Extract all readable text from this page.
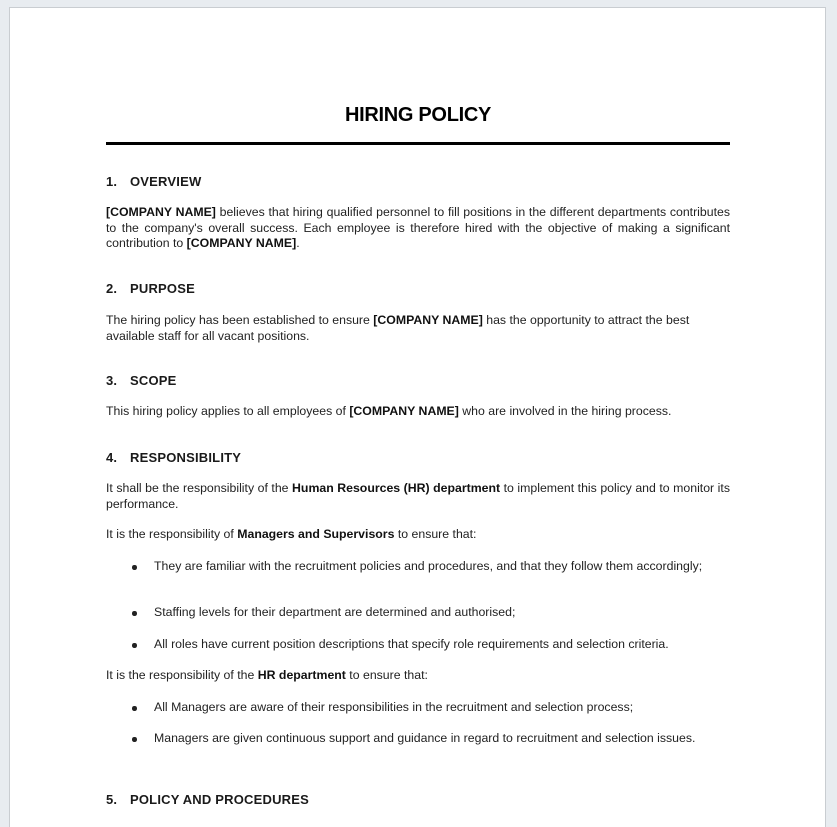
HIRING POLICY
1. OVERVIEW
[COMPANY NAME] believes that hiring qualified personnel to fill positions in the different departments contributes to the company's overall success. Each employee is therefore hired with the objective of making a significant contribution to [COMPANY NAME].
2. PURPOSE
The hiring policy has been established to ensure [COMPANY NAME] has the opportunity to attract the best available staff for all vacant positions.
3. SCOPE
This hiring policy applies to all employees of [COMPANY NAME] who are involved in the hiring process.
4. RESPONSIBILITY
It shall be the responsibility of the Human Resources (HR) department to implement this policy and to monitor its performance.
It is the responsibility of Managers and Supervisors to ensure that:
They are familiar with the recruitment policies and procedures, and that they follow them accordingly;
Staffing levels for their department are determined and authorised;
All roles have current position descriptions that specify role requirements and selection criteria.
It is the responsibility of the HR department to ensure that:
All Managers are aware of their responsibilities in the recruitment and selection process;
Managers are given continuous support and guidance in regard to recruitment and selection issues.
5. POLICY AND PROCEDURES
